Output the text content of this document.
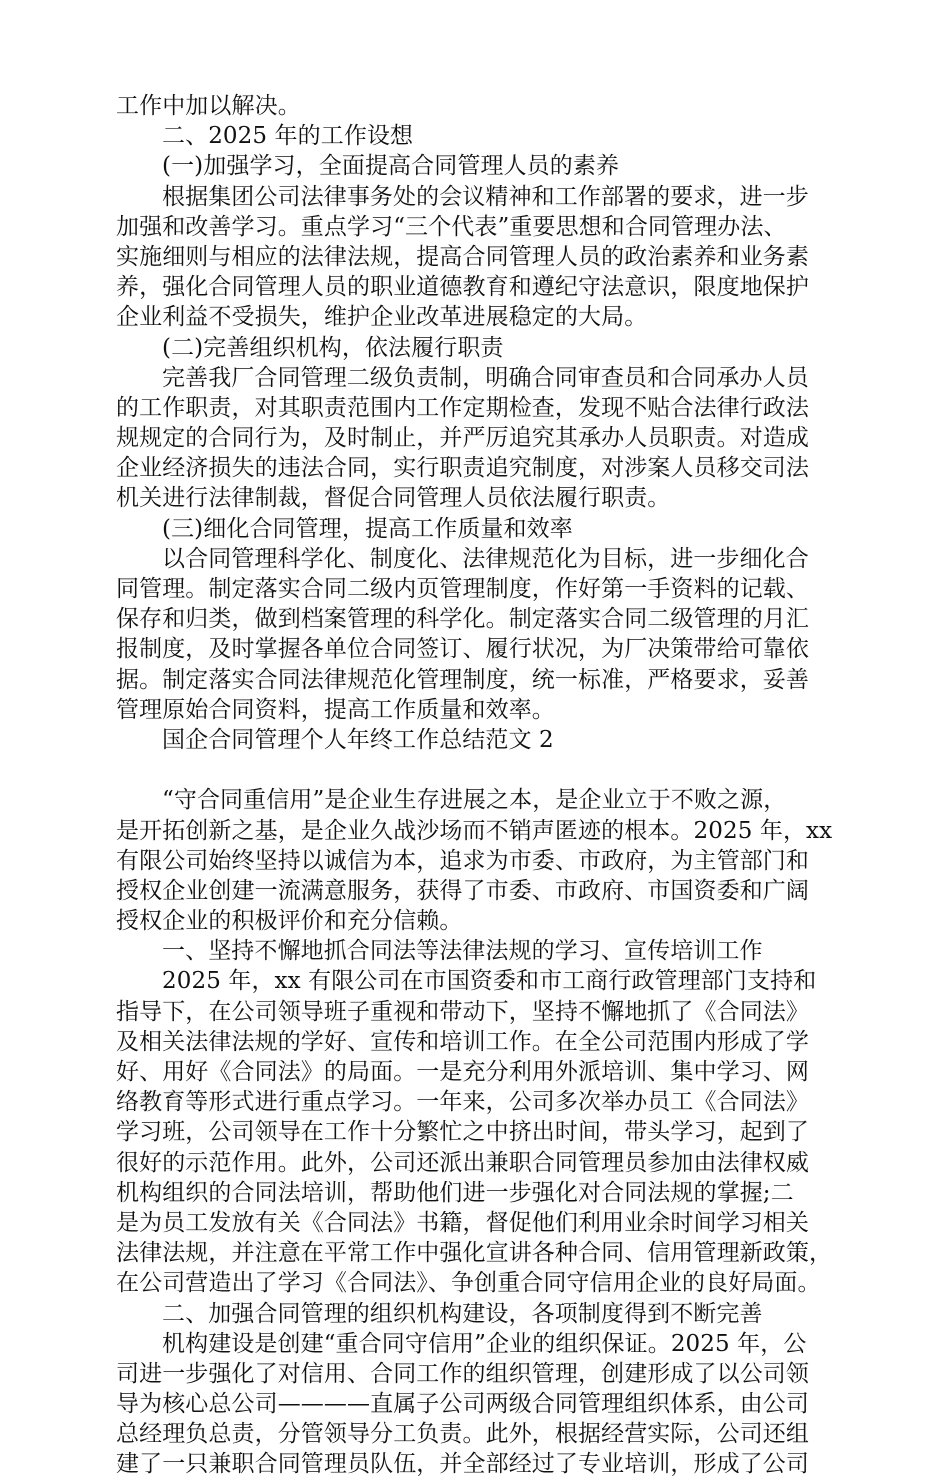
工作中加以解决。
二、2025 年的工作设想
(一)加强学习，全面提高合同管理人员的素养
根据集团公司法律事务处的会议精神和工作部署的要求，进一步
加强和改善学习。重点学习“三个代表”重要思想和合同管理办法、
实施细则与相应的法律法规，提高合同管理人员的政治素养和业务素
养，强化合同管理人员的职业道德教育和遵纪守法意识，限度地保护
企业利益不受损失，维护企业改革进展稳定的大局。
(二)完善组织机构，依法履行职责
完善我厂合同管理二级负责制，明确合同审查员和合同承办人员
的工作职责，对其职责范围内工作定期检查，发现不贴合法律行政法
规规定的合同行为，及时制止，并严厉追究其承办人员职责。对造成
企业经济损失的违法合同，实行职责追究制度，对涉案人员移交司法
机关进行法律制裁，督促合同管理人员依法履行职责。
(三)细化合同管理，提高工作质量和效率
以合同管理科学化、制度化、法律规范化为目标，进一步细化合
同管理。制定落实合同二级内页管理制度，作好第一手资料的记载、
保存和归类，做到档案管理的科学化。制定落实合同二级管理的月汇
报制度，及时掌握各单位合同签订、履行状况，为厂决策带给可靠依
据。制定落实合同法律规范化管理制度，统一标准，严格要求，妥善
管理原始合同资料，提高工作质量和效率。
国企合同管理个人年终工作总结范文 2
“守合同重信用”是企业生存进展之本，是企业立于不败之源，
是开拓创新之基，是企业久战沙场而不销声匿迹的根本。2025 年，xx
有限公司始终坚持以诚信为本，追求为市委、市政府，为主管部门和
授权企业创建一流满意服务，获得了市委、市政府、市国资委和广阔
授权企业的积极评价和充分信赖。
一、坚持不懈地抓合同法等法律法规的学习、宣传培训工作
2025 年，xx 有限公司在市国资委和市工商行政管理部门支持和
指导下，在公司领导班子重视和带动下，坚持不懈地抓了《合同法》
及相关法律法规的学好、宣传和培训工作。在全公司范围内形成了学
好、用好《合同法》的局面。一是充分利用外派培训、集中学习、网
络教育等形式进行重点学习。一年来，公司多次举办员工《合同法》
学习班，公司领导在工作十分繁忙之中挤出时间，带头学习，起到了
很好的示范作用。此外，公司还派出兼职合同管理员参加由法律权威
机构组织的合同法培训，帮助他们进一步强化对合同法规的掌握;二
是为员工发放有关《合同法》书籍，督促他们利用业余时间学习相关
法律法规，并注意在平常工作中强化宣讲各种合同、信用管理新政策，
在公司营造出了学习《合同法》、争创重合同守信用企业的良好局面。
二、加强合同管理的组织机构建设，各项制度得到不断完善
机构建设是创建“重合同守信用”企业的组织保证。2025 年，公
司进一步强化了对信用、合同工作的组织管理，创建形成了以公司领
导为核心总公司————直属子公司两级合同管理组织体系，由公司
总经理负总责，分管领导分工负责。此外，根据经营实际，公司还组
建了一只兼职合同管理员队伍，并全部经过了专业培训，形成了公司
